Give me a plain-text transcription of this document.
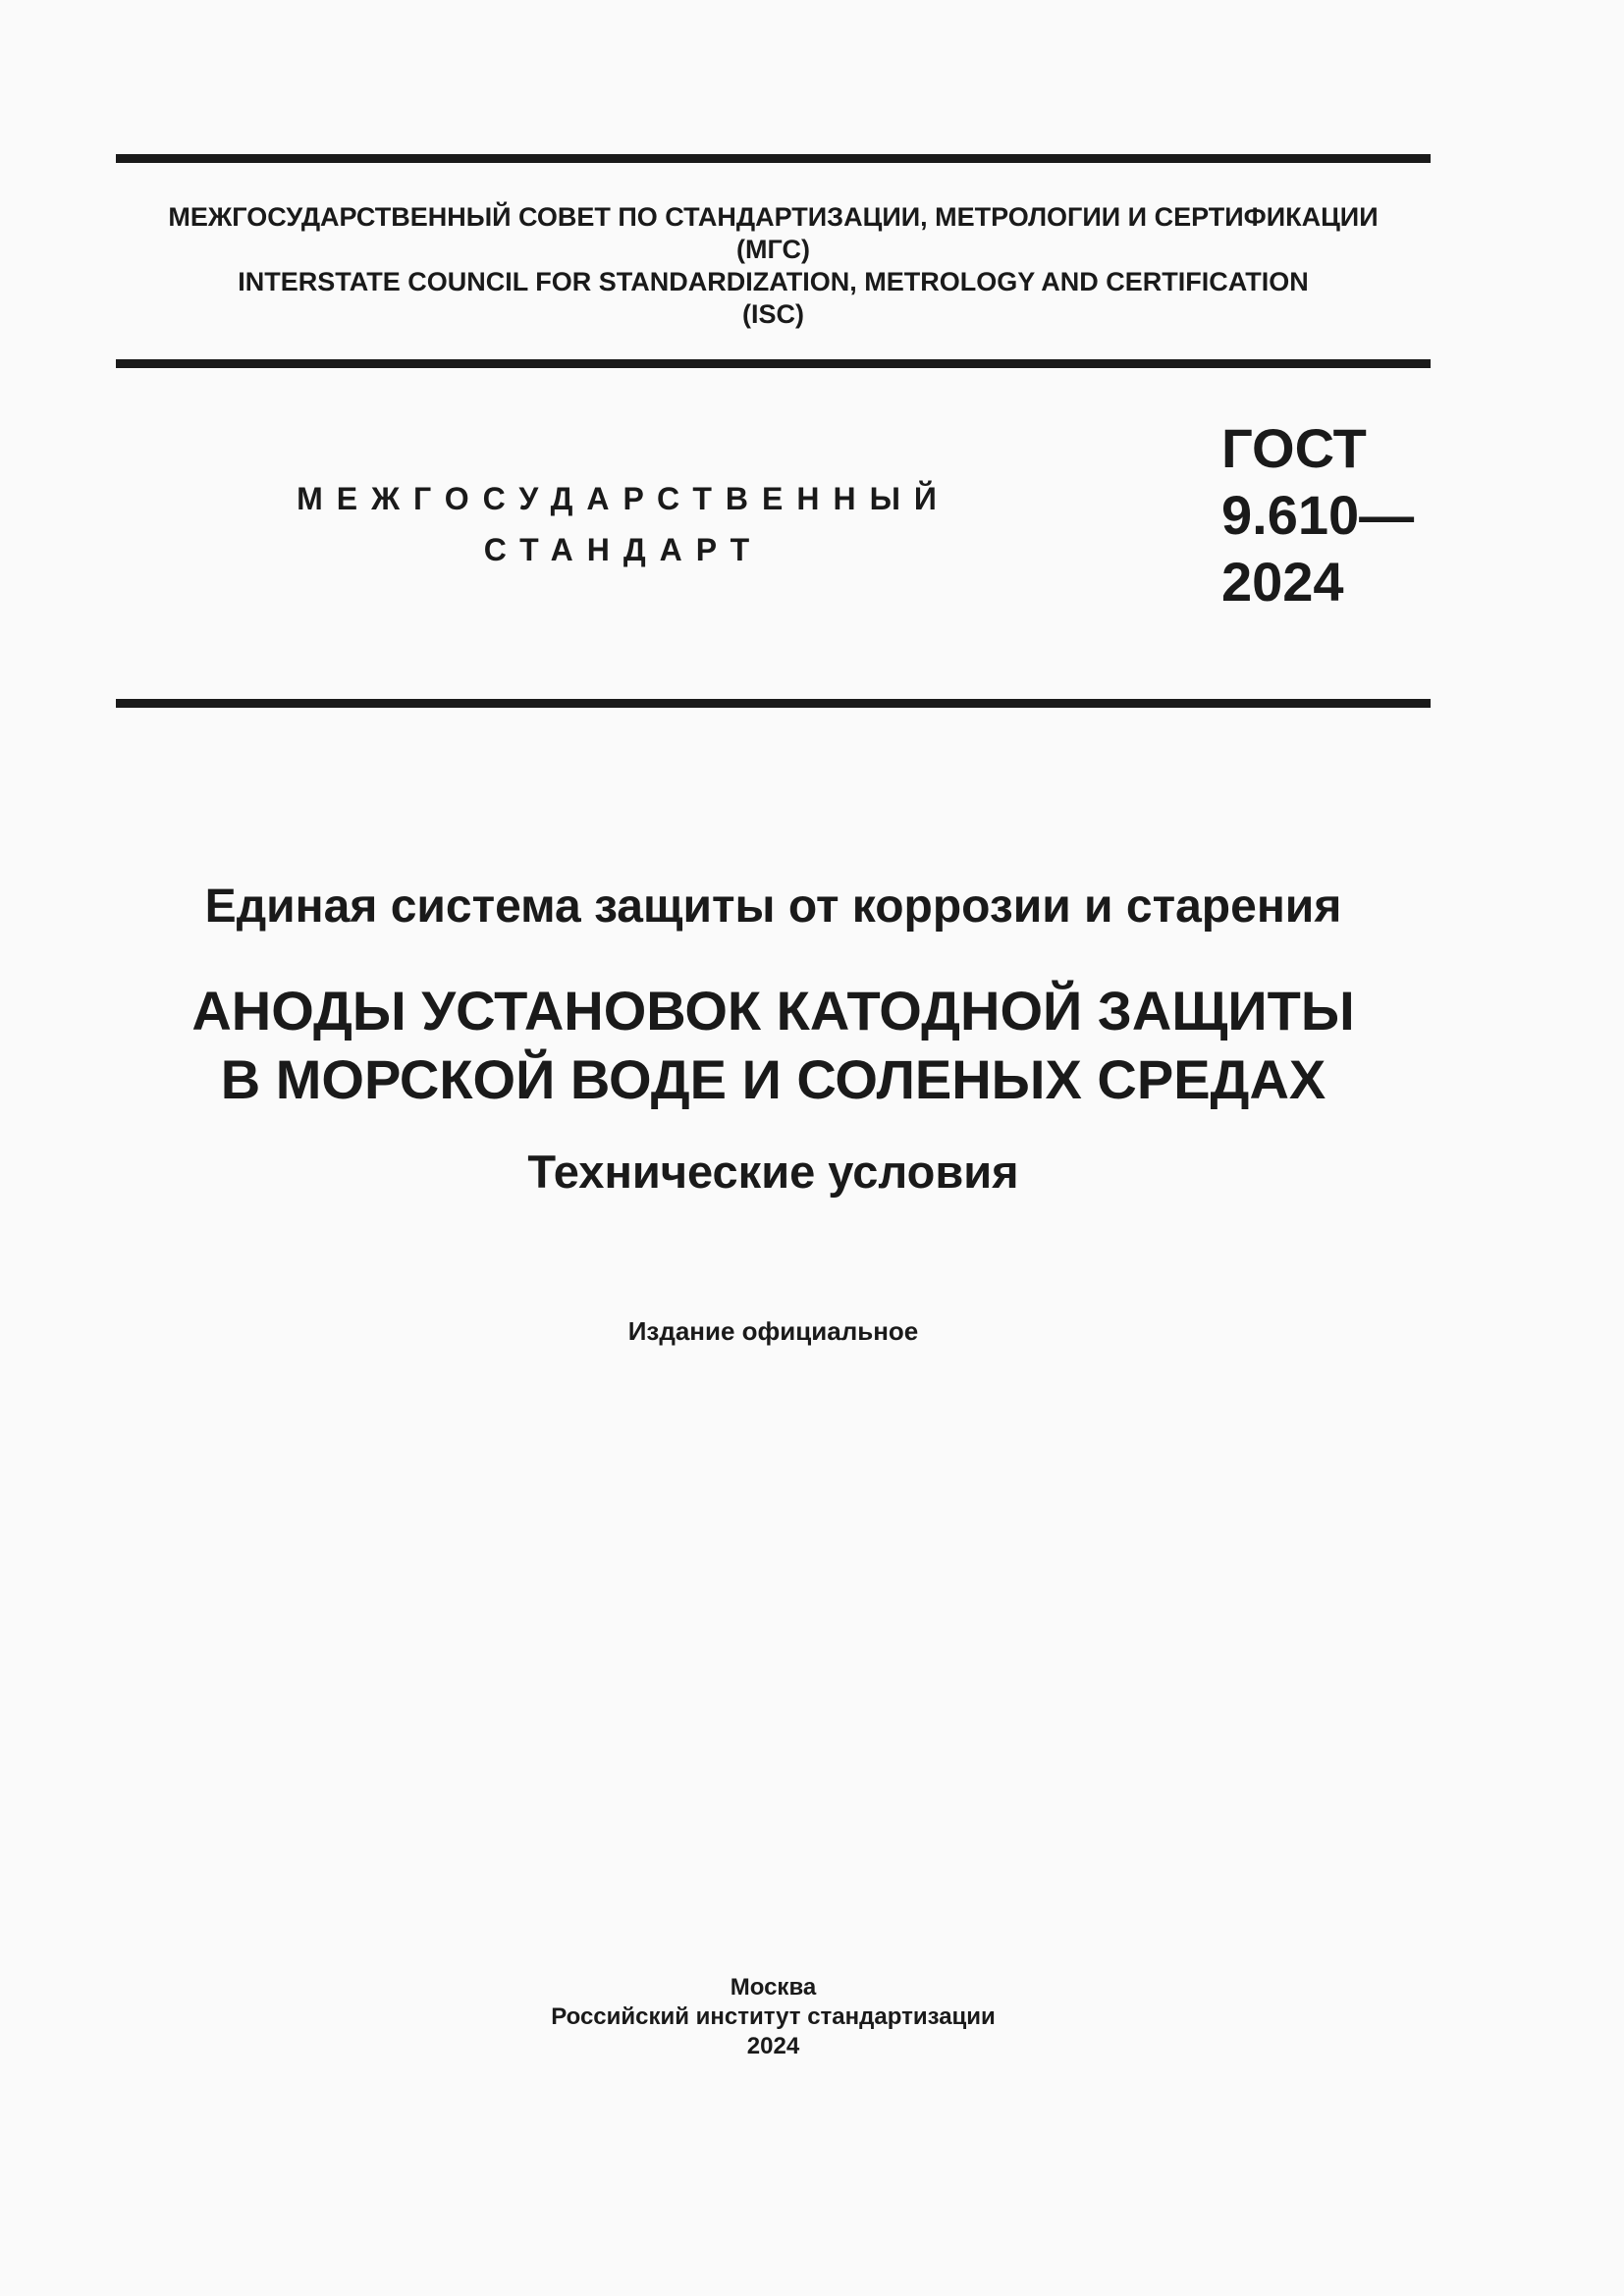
МЕЖГОСУДАРСТВЕННЫЙ СОВЕТ ПО СТАНДАРТИЗАЦИИ, МЕТРОЛОГИИ И СЕРТИФИКАЦИИ
(МГС)
INTERSTATE COUNCIL FOR STANDARDIZATION, METROLOGY AND CERTIFICATION
(ISC)
МЕЖГОСУДАРСТВЕННЫЙ
СТАНДАРТ
ГОСТ
9.610—
2024
Единая система защиты от коррозии и старения
АНОДЫ УСТАНОВОК КАТОДНОЙ ЗАЩИТЫ
В МОРСКОЙ ВОДЕ И СОЛЕНЫХ СРЕДАХ
Технические условия
Издание официальное
Москва
Российский институт стандартизации
2024
